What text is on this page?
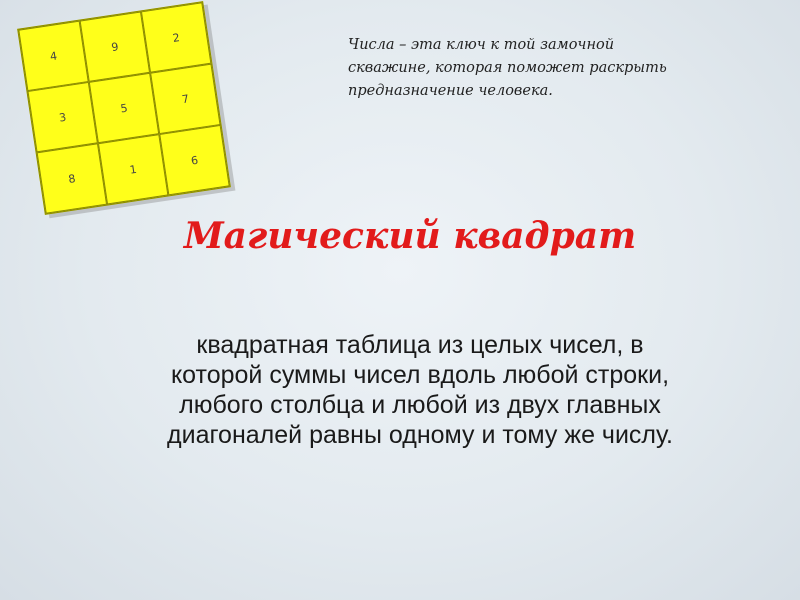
4
9
2
3
5
7
8
1
6

Числа – эта ключ к той замочной
скважине, которая поможет раскрыть
предназначение человека.

Магический квадрат

квадратная таблица из целых чисел, в
которой суммы чисел вдоль любой строки,
любого столбца и любой из двух главных
диагоналей равны одному и тому же числу.
